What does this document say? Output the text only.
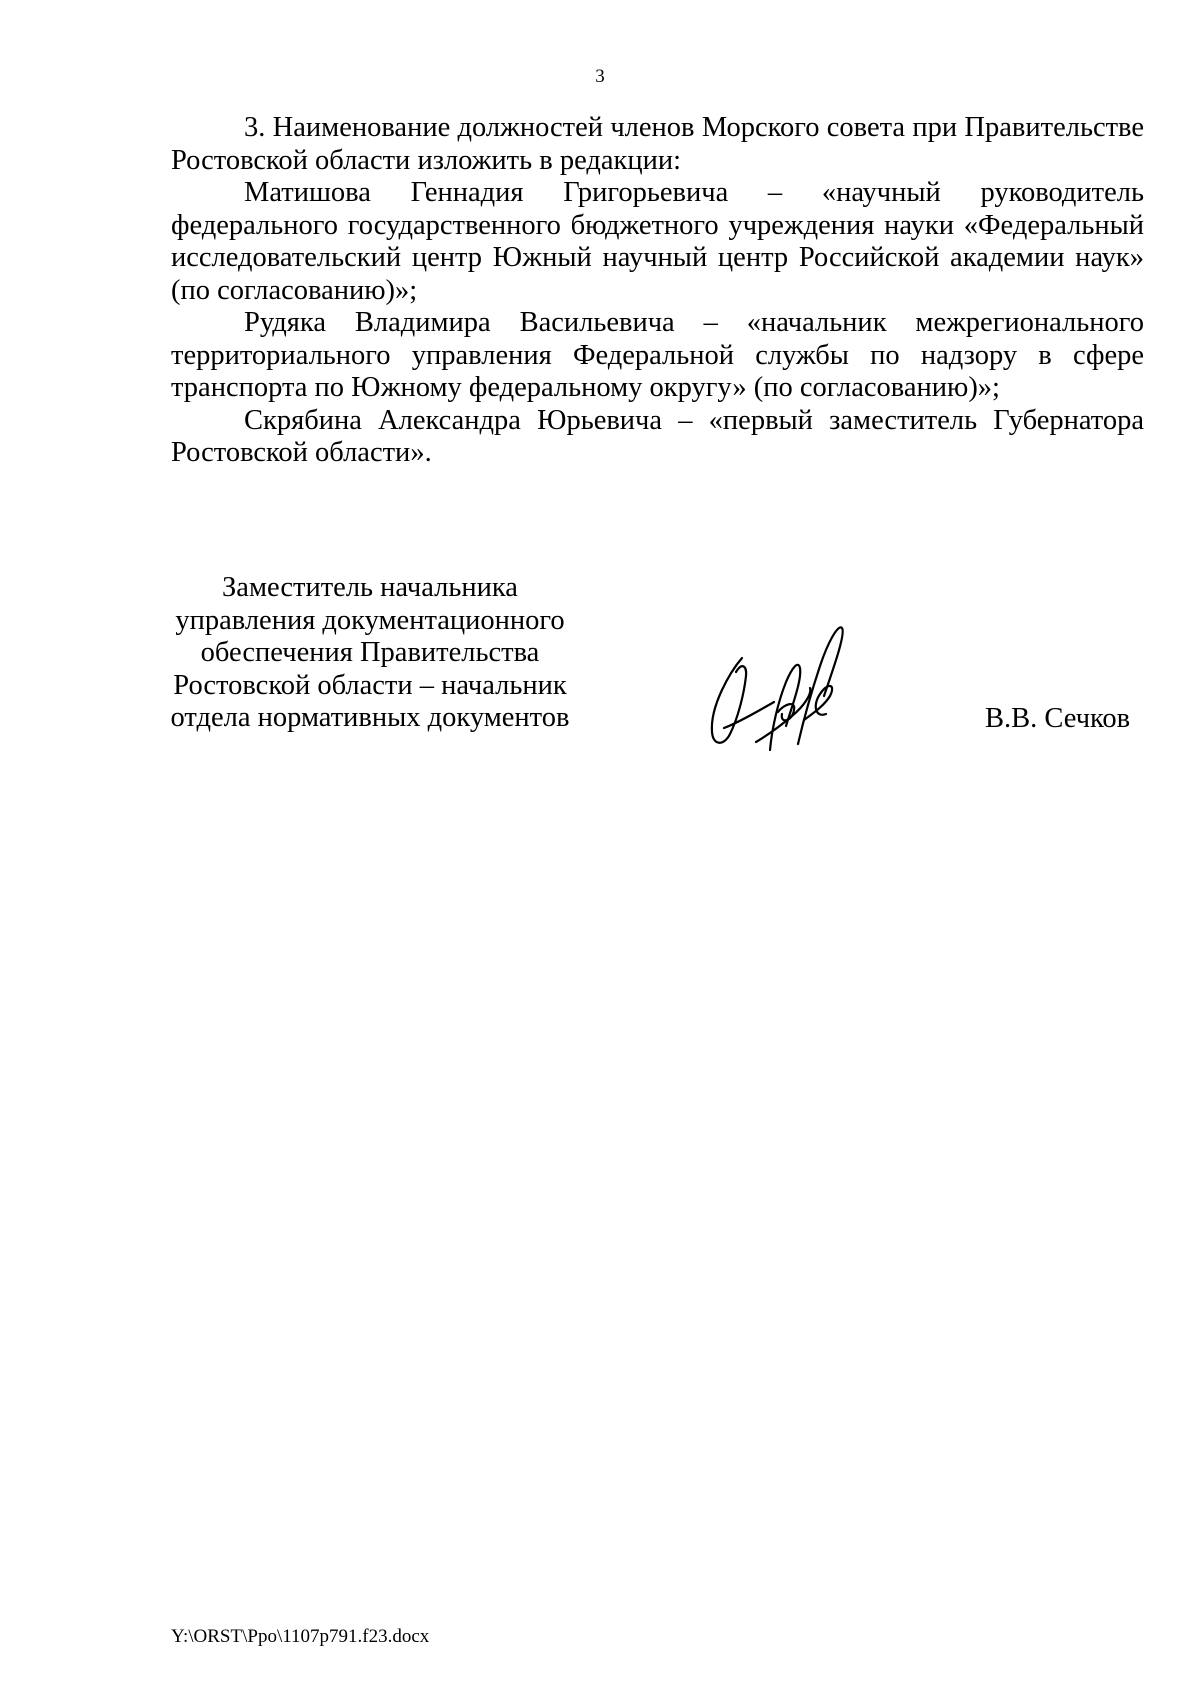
3

3. Наименование должностей членов Морского совета при Правительстве Ростовской области изложить в редакции:

Матишова Геннадия Григорьевича – «научный руководитель федерального государственного бюджетного учреждения науки «Федеральный исследовательский центр Южный научный центр Российской академии наук» (по согласованию)»;

Рудяка Владимира Васильевича – «начальник межрегионального территориального управления Федеральной службы по надзору в сфере транспорта по Южному федеральному округу» (по согласованию)»;

Скрябина Александра Юрьевича – «первый заместитель Губернатора Ростовской области».

Заместитель начальника
управления документационного
обеспечения Правительства
Ростовской области – начальник
отдела нормативных документов	В.В. Сечков
Y:\ORST\Ppo\1107p791.f23.docx
